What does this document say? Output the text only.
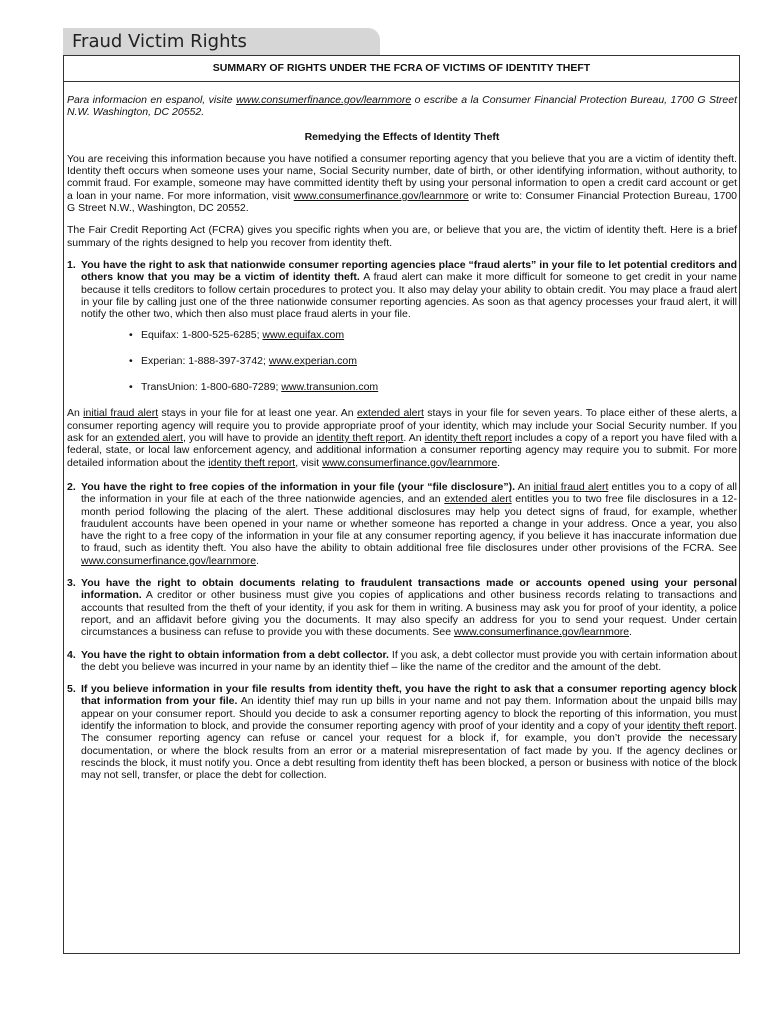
Fraud Victim Rights
SUMMARY OF RIGHTS UNDER THE FCRA OF VICTIMS OF IDENTITY THEFT

Para informacion en espanol, visite www.consumerfinance.gov/learnmore o escribe a la Consumer Financial Protection Bureau, 1700 G Street N.W. Washington, DC 20552.

Remedying the Effects of Identity Theft

You are receiving this information because you have notified a consumer reporting agency that you believe that you are a victim of identity theft. Identity theft occurs when someone uses your name, Social Security number, date of birth, or other identifying information, without authority, to commit fraud. For example, someone may have committed identity theft by using your personal information to open a credit card account or get a loan in your name. For more information, visit www.consumerfinance.gov/learnmore or write to: Consumer Financial Protection Bureau, 1700 G Street N.W., Washington, DC 20552.

The Fair Credit Reporting Act (FCRA) gives you specific rights when you are, or believe that you are, the victim of identity theft. Here is a brief summary of the rights designed to help you recover from identity theft.

1. You have the right to ask that nationwide consumer reporting agencies place “fraud alerts” in your file to let potential creditors and others know that you may be a victim of identity theft. A fraud alert can make it more difficult for someone to get credit in your name because it tells creditors to follow certain procedures to protect you. It also may delay your ability to obtain credit. You may place a fraud alert in your file by calling just one of the three nationwide consumer reporting agencies. As soon as that agency processes your fraud alert, it will notify the other two, which then also must place fraud alerts in your file.
• Equifax: 1-800-525-6285; www.equifax.com
• Experian: 1-888-397-3742; www.experian.com
• TransUnion: 1-800-680-7289; www.transunion.com

An initial fraud alert stays in your file for at least one year. An extended alert stays in your file for seven years. To place either of these alerts, a consumer reporting agency will require you to provide appropriate proof of your identity, which may include your Social Security number. If you ask for an extended alert, you will have to provide an identity theft report. An identity theft report includes a copy of a report you have filed with a federal, state, or local law enforcement agency, and additional information a consumer reporting agency may require you to submit. For more detailed information about the identity theft report, visit www.consumerfinance.gov/learnmore.

2. You have the right to free copies of the information in your file (your “file disclosure”). An initial fraud alert entitles you to a copy of all the information in your file at each of the three nationwide agencies, and an extended alert entitles you to two free file disclosures in a 12-month period following the placing of the alert. These additional disclosures may help you detect signs of fraud, for example, whether fraudulent accounts have been opened in your name or whether someone has reported a change in your address. Once a year, you also have the right to a free copy of the information in your file at any consumer reporting agency, if you believe it has inaccurate information due to fraud, such as identity theft. You also have the ability to obtain additional free file disclosures under other provisions of the FCRA. See www.consumerfinance.gov/learnmore.
3. You have the right to obtain documents relating to fraudulent transactions made or accounts opened using your personal information. A creditor or other business must give you copies of applications and other business records relating to transactions and accounts that resulted from the theft of your identity, if you ask for them in writing. A business may ask you for proof of your identity, a police report, and an affidavit before giving you the documents. It may also specify an address for you to send your request. Under certain circumstances a business can refuse to provide you with these documents. See www.consumerfinance.gov/learnmore.
4. You have the right to obtain information from a debt collector. If you ask, a debt collector must provide you with certain information about the debt you believe was incurred in your name by an identity thief – like the name of the creditor and the amount of the debt.
5. If you believe information in your file results from identity theft, you have the right to ask that a consumer reporting agency block that information from your file. An identity thief may run up bills in your name and not pay them. Information about the unpaid bills may appear on your consumer report. Should you decide to ask a consumer reporting agency to block the reporting of this information, you must identify the information to block, and provide the consumer reporting agency with proof of your identity and a copy of your identity theft report. The consumer reporting agency can refuse or cancel your request for a block if, for example, you don’t provide the necessary documentation, or where the block results from an error or a material misrepresentation of fact made by you. If the agency declines or rescinds the block, it must notify you. Once a debt resulting from identity theft has been blocked, a person or business with notice of the block may not sell, transfer, or place the debt for collection.
